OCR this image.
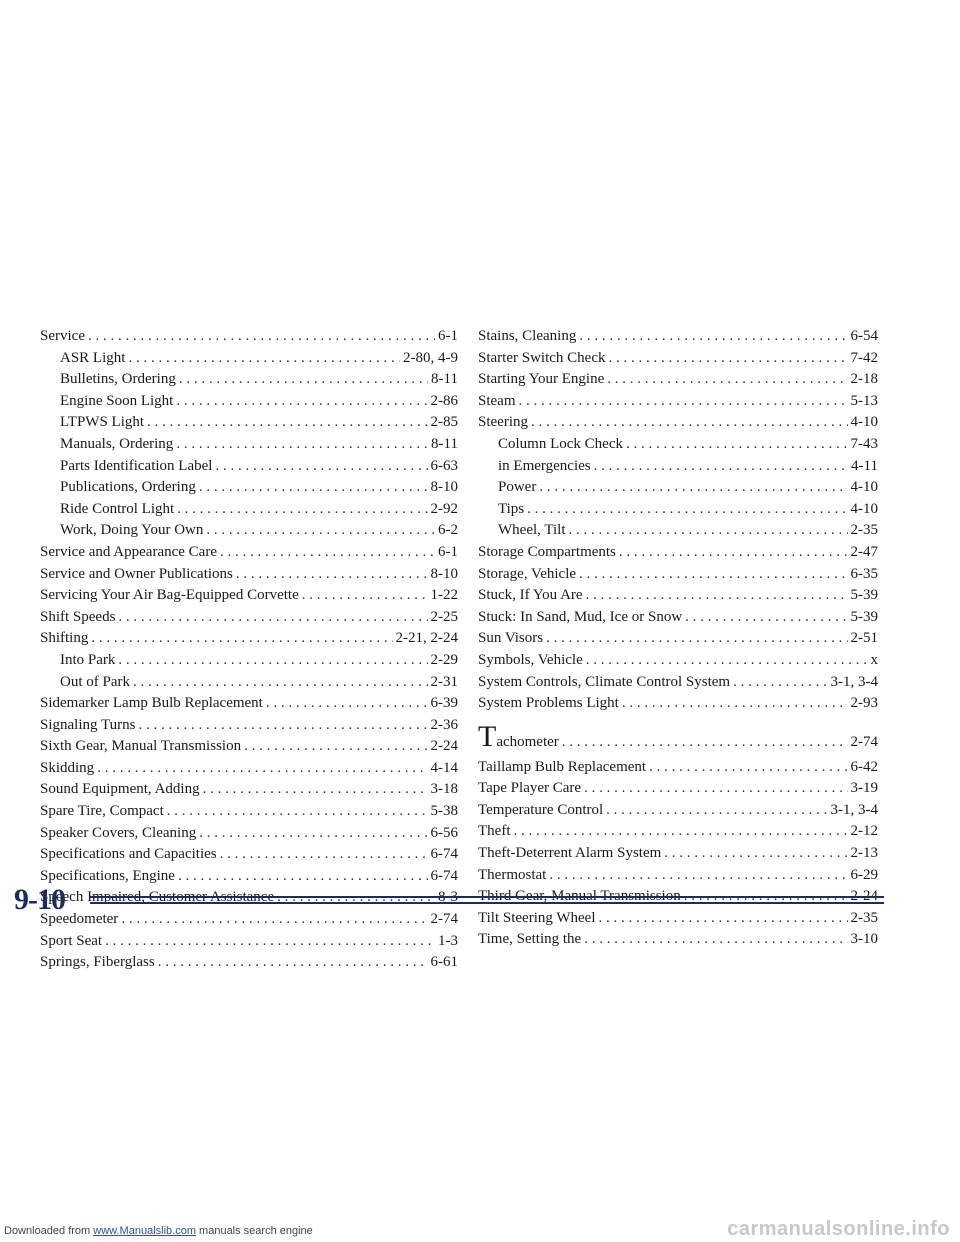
Service . . .	6-1
ASR Light . . .	2-80, 4-9
Bulletins, Ordering . . .	8-11
Engine Soon Light . . .	2-86
LTPWS Light . . .	2-85
Manuals, Ordering . . .	8-11
Parts Identification Label . . .	6-63
Publications, Ordering . . .	8-10
Ride Control Light . . .	2-92
Work, Doing Your Own . . .	6-2
Service and Appearance Care . . .	6-1
Service and Owner Publications . . .	8-10
Servicing Your Air Bag-Equipped Corvette . . .	1-22
Shift Speeds . . .	2-25
Shifting . . .	2-21, 2-24
Into Park . . .	2-29
Out of Park . . .	2-31
Sidemarker Lamp Bulb Replacement . . .	6-39
Signaling Turns . . .	2-36
Sixth Gear, Manual Transmission . . .	2-24
Skidding . . .	4-14
Sound Equipment, Adding . . .	3-18
Spare Tire, Compact . . .	5-38
Speaker Covers, Cleaning . . .	6-56
Specifications and Capacities . . .	6-74
Specifications, Engine . . .	6-74
Speech Impaired, Customer Assistance . . .	8-3
Speedometer . . .	2-74
Sport Seat . . .	1-3
Springs, Fiberglass . . .	6-61
Stains, Cleaning . . .	6-54
Starter Switch Check . . .	7-42
Starting Your Engine . . .	2-18
Steam . . .	5-13
Steering . . .	4-10
Column Lock Check . . .	7-43
in Emergencies . . .	4-11
Power . . .	4-10
Tips . . .	4-10
Wheel, Tilt . . .	2-35
Storage Compartments . . .	2-47
Storage, Vehicle . . .	6-35
Stuck, If You Are . . .	5-39
Stuck: In Sand, Mud, Ice or Snow . . .	5-39
Sun Visors . . .	2-51
Symbols, Vehicle . . .	x
System Controls, Climate Control System . . .	3-1, 3-4
System Problems Light . . .	2-93
Tachometer . . .	2-74
Taillamp Bulb Replacement . . .	6-42
Tape Player Care . . .	3-19
Temperature Control . . .	3-1, 3-4
Theft . . .	2-12
Theft-Deterrent Alarm System . . .	2-13
Thermostat . . .	6-29
Third Gear, Manual Transmission . . .	2-24
Tilt Steering Wheel . . .	2-35
Time, Setting the . . .	3-10
9-10
Downloaded from www.Manualslib.com manuals search engine	carmanualsonline.info
